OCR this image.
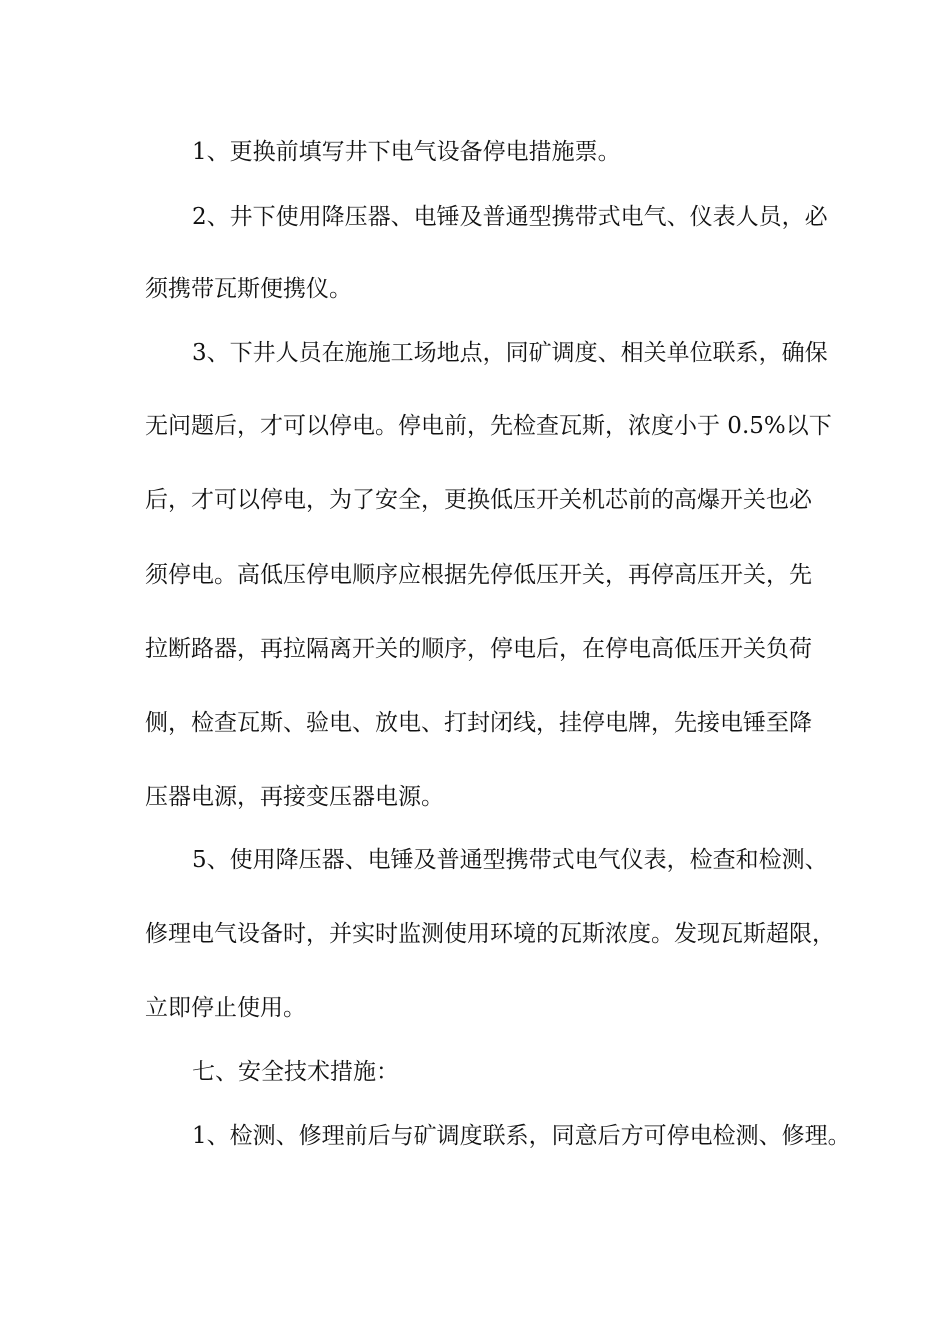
1、更换前填写井下电气设备停电措施票。
2、井下使用降压器、电锤及普通型携带式电气、仪表人员，必
须携带瓦斯便携仪。
3、下井人员在施施工场地点，同矿调度、相关单位联系，确保
无问题后，才可以停电。停电前，先检查瓦斯，浓度小于 0.5%以下
后，才可以停电，为了安全，更换低压开关机芯前的高爆开关也必
须停电。高低压停电顺序应根据先停低压开关，再停高压开关，先
拉断路器，再拉隔离开关的顺序，停电后，在停电高低压开关负荷
侧，检查瓦斯、验电、放电、打封闭线，挂停电牌，先接电锤至降
压器电源，再接变压器电源。
5、使用降压器、电锤及普通型携带式电气仪表，检查和检测、
修理电气设备时，并实时监测使用环境的瓦斯浓度。发现瓦斯超限，
立即停止使用。
七、安全技术措施：
1、检测、修理前后与矿调度联系，同意后方可停电检测、修理。
